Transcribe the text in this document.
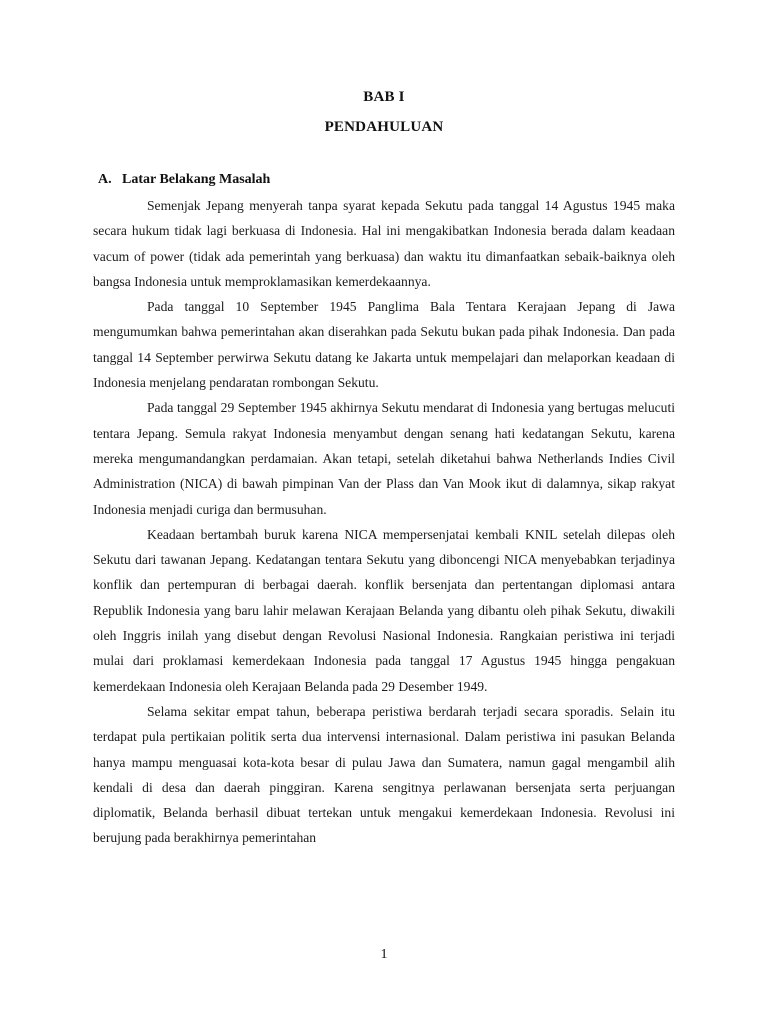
BAB I
PENDAHULUAN
A. Latar Belakang Masalah

Semenjak Jepang menyerah tanpa syarat kepada Sekutu pada tanggal 14 Agustus 1945 maka secara hukum tidak lagi berkuasa di Indonesia. Hal ini mengakibatkan Indonesia berada dalam keadaan vacum of power (tidak ada pemerintah yang berkuasa) dan waktu itu dimanfaatkan sebaik-baiknya oleh bangsa Indonesia untuk memproklamasikan kemerdekaannya.

Pada tanggal 10 September 1945 Panglima Bala Tentara Kerajaan Jepang di Jawa mengumumkan bahwa pemerintahan akan diserahkan pada Sekutu bukan pada pihak Indonesia. Dan pada tanggal 14 September perwirwa Sekutu datang ke Jakarta untuk mempelajari dan melaporkan keadaan di Indonesia menjelang pendaratan rombongan Sekutu.

Pada tanggal 29 September 1945 akhirnya Sekutu mendarat di Indonesia yang bertugas melucuti tentara Jepang. Semula rakyat Indonesia menyambut dengan senang hati kedatangan Sekutu, karena mereka mengumandangkan perdamaian. Akan tetapi, setelah diketahui bahwa Netherlands Indies Civil Administration (NICA) di bawah pimpinan Van der Plass dan Van Mook ikut di dalamnya, sikap rakyat Indonesia menjadi curiga dan bermusuhan.

Keadaan bertambah buruk karena NICA mempersenjatai kembali KNIL setelah dilepas oleh Sekutu dari tawanan Jepang. Kedatangan tentara Sekutu yang diboncengi NICA menyebabkan terjadinya konflik dan pertempuran di berbagai daerah. konflik bersenjata dan pertentangan diplomasi antara Republik Indonesia yang baru lahir melawan Kerajaan Belanda yang dibantu oleh pihak Sekutu, diwakili oleh Inggris inilah yang disebut dengan Revolusi Nasional Indonesia. Rangkaian peristiwa ini terjadi mulai dari proklamasi kemerdekaan Indonesia pada tanggal 17 Agustus 1945 hingga pengakuan kemerdekaan Indonesia oleh Kerajaan Belanda pada 29 Desember 1949.

Selama sekitar empat tahun, beberapa peristiwa berdarah terjadi secara sporadis. Selain itu terdapat pula pertikaian politik serta dua intervensi internasional. Dalam peristiwa ini pasukan Belanda hanya mampu menguasai kota-kota besar di pulau Jawa dan Sumatera, namun gagal mengambil alih kendali di desa dan daerah pinggiran. Karena sengitnya perlawanan bersenjata serta perjuangan diplomatik, Belanda berhasil dibuat tertekan untuk mengakui kemerdekaan Indonesia. Revolusi ini berujung pada berakhirnya pemerintahan

1
